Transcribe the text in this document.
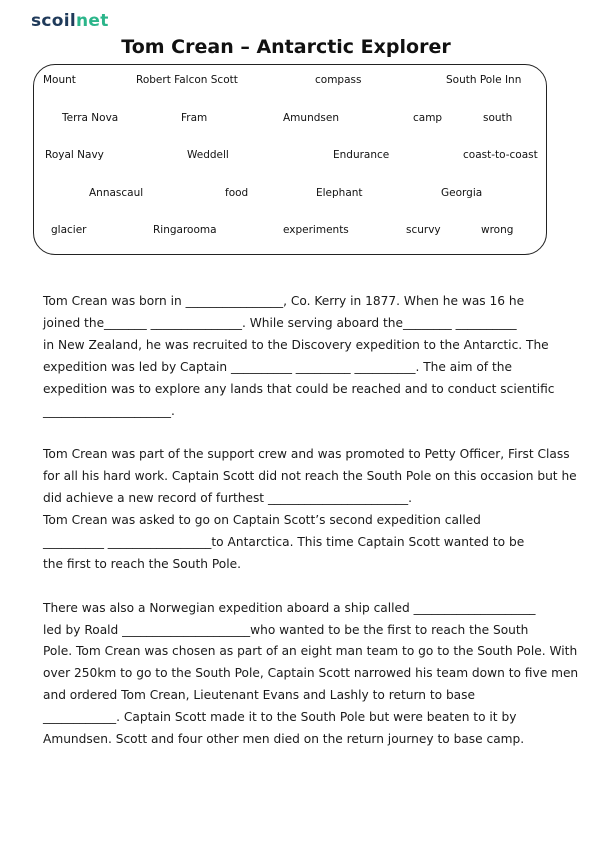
scoilnet
Tom Crean – Antarctic Explorer
Mount	Robert Falcon Scott	compass	South Pole Inn
Terra Nova	Fram	Amundsen	camp	south
Royal Navy	Weddell	Endurance	coast-to-coast
Annascaul	food	Elephant	Georgia
glacier	Ringarooma	experiments	scurvy	wrong
Tom Crean was born in ________________, Co. Kerry in 1877. When he was 16 he
joined the_______ _______________. While serving aboard the________ __________
in New Zealand, he was recruited to the Discovery expedition to the Antarctic. The
expedition was led by Captain __________ _________ __________. The aim of the
expedition was to explore any lands that could be reached and to conduct scientific
_____________________.
Tom Crean was part of the support crew and was promoted to Petty Officer, First Class
for all his hard work. Captain Scott did not reach the South Pole on this occasion but he
did achieve a new record of furthest _______________________.
Tom Crean was asked to go on Captain Scott’s second expedition called
__________ _________________to Antarctica. This time Captain Scott wanted to be
the first to reach the South Pole.
There was also a Norwegian expedition aboard a ship called ____________________
led by Roald _____________________who wanted to be the first to reach the South
Pole. Tom Crean was chosen as part of an eight man team to go to the South Pole. With
over 250km to go to the South Pole, Captain Scott narrowed his team down to five men
and ordered Tom Crean, Lieutenant Evans and Lashly to return to base
____________. Captain Scott made it to the South Pole but were beaten to it by
Amundsen. Scott and four other men died on the return journey to base camp.
